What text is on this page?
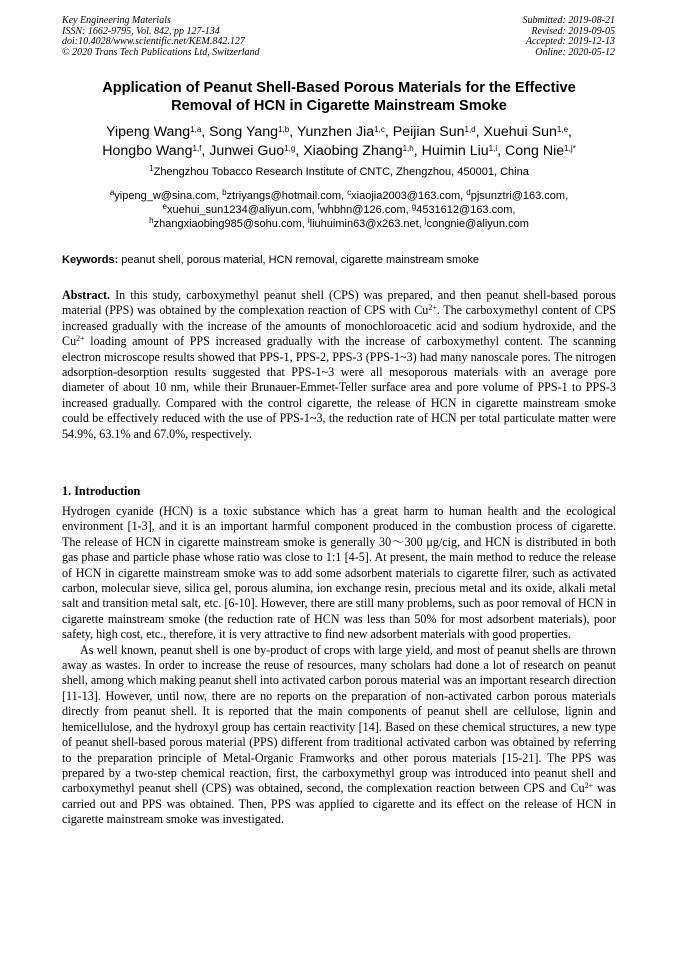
Key Engineering Materials
ISSN: 1662-9795, Vol. 842, pp 127-134
doi:10.4028/www.scientific.net/KEM.842.127
© 2020 Trans Tech Publications Ltd, Switzerland
Submitted: 2019-08-21
Revised: 2019-09-05
Accepted: 2019-12-13
Online: 2020-05-12
Application of Peanut Shell-Based Porous Materials for the Effective
Removal of HCN in Cigarette Mainstream Smoke
Yipeng Wang$^{1,a}$, Song Yang$^{1,b}$, Yunzhen Jia$^{1,c}$, Peijian Sun$^{1,d}$, Xuehui Sun$^{1,e}$,
Hongbo Wang$^{1,f}$, Junwei Guo$^{1,g}$, Xiaobing Zhang$^{1,h}$, Huimin Liu$^{1,i}$, Cong Nie$^{1,j*}$
$^1$Zhengzhou Tobacco Research Institute of CNTC, Zhengzhou, 450001, China
$^a$yipeng_w@sina.com, $^b$ztriyangs@hotmail.com, $^c$xiaojia2003@163.com, $^d$pjsunztri@163.com,
$^e$xuehui_sun1234@aliyun.com, $^f$whbhn@126.com, $^g$4531612@163.com,
$^h$zhangxiaobing985@sohu.com, $^i$liuhuimin63@x263.net, $^j$congnie@aliyun.com
Keywords: peanut shell, porous material, HCN removal, cigarette mainstream smoke
Abstract. In this study, carboxymethyl peanut shell (CPS) was prepared, and then peanut shell-based porous material (PPS) was obtained by the complexation reaction of CPS with $Cu^{2+}$. The carboxymethyl content of CPS increased gradually with the increase of the amounts of monochloroacetic acid and sodium hydroxide, and the $Cu^{2+}$ loading amount of PPS increased gradually with the increase of carboxymethyl content. The scanning electron microscope results showed that PPS-1, PPS-2, PPS-3 (PPS-1~3) had many nanoscale pores. The nitrogen adsorption-desorption results suggested that PPS-1~3 were all mesoporous materials with an average pore diameter of about 10 nm, while their Brunauer-Emmet-Teller surface area and pore volume of PPS-1 to PPS-3 increased gradually. Compared with the control cigarette, the release of HCN in cigarette mainstream smoke could be effectively reduced with the use of PPS-1~3, the reduction rate of HCN per total particulate matter were 54.9%, 63.1% and 67.0%, respectively.
1. Introduction

Hydrogen cyanide (HCN) is a toxic substance which has a great harm to human health and the ecological environment [1-3], and it is an important harmful component produced in the combustion process of cigarette. The release of HCN in cigarette mainstream smoke is generally 30～300 μg/cig, and HCN is distributed in both gas phase and particle phase whose ratio was close to 1:1 [4-5]. At present, the main method to reduce the release of HCN in cigarette mainstream smoke was to add some adsorbent materials to cigarette filrer, such as activated carbon, molecular sieve, silica gel, porous alumina, ion exchange resin, precious metal and its oxide, alkali metal salt and transition metal salt, etc. [6-10]. However, there are still many problems, such as poor removal of HCN in cigarette mainstream smoke (the reduction rate of HCN was less than 50% for most adsorbent materials), poor safety, high cost, etc., therefore, it is very attractive to find new adsorbent materials with good properties.

As well known, peanut shell is one by-product of crops with large yield, and most of peanut shells are thrown away as wastes. In order to increase the reuse of resources, many scholars had done a lot of research on peanut shell, among which making peanut shell into activated carbon porous material was an important research direction [11-13]. However, until now, there are no reports on the preparation of non-activated carbon porous materials directly from peanut shell. It is reported that the main components of peanut shell are cellulose, lignin and hemicellulose, and the hydroxyl group has certain reactivity [14]. Based on these chemical structures, a new type of peanut shell-based porous material (PPS) different from traditional activated carbon was obtained by referring to the preparation principle of Metal-Organic Framworks and other porous materials [15-21]. The PPS was prepared by a two-step chemical reaction, first, the carboxymethyl group was introduced into peanut shell and carboxymethyl peanut shell (CPS) was obtained, second, the complexation reaction between CPS and $Cu^{2+}$ was carried out and PPS was obtained. Then, PPS was applied to cigarette and its effect on the release of HCN in cigarette mainstream smoke was investigated.
